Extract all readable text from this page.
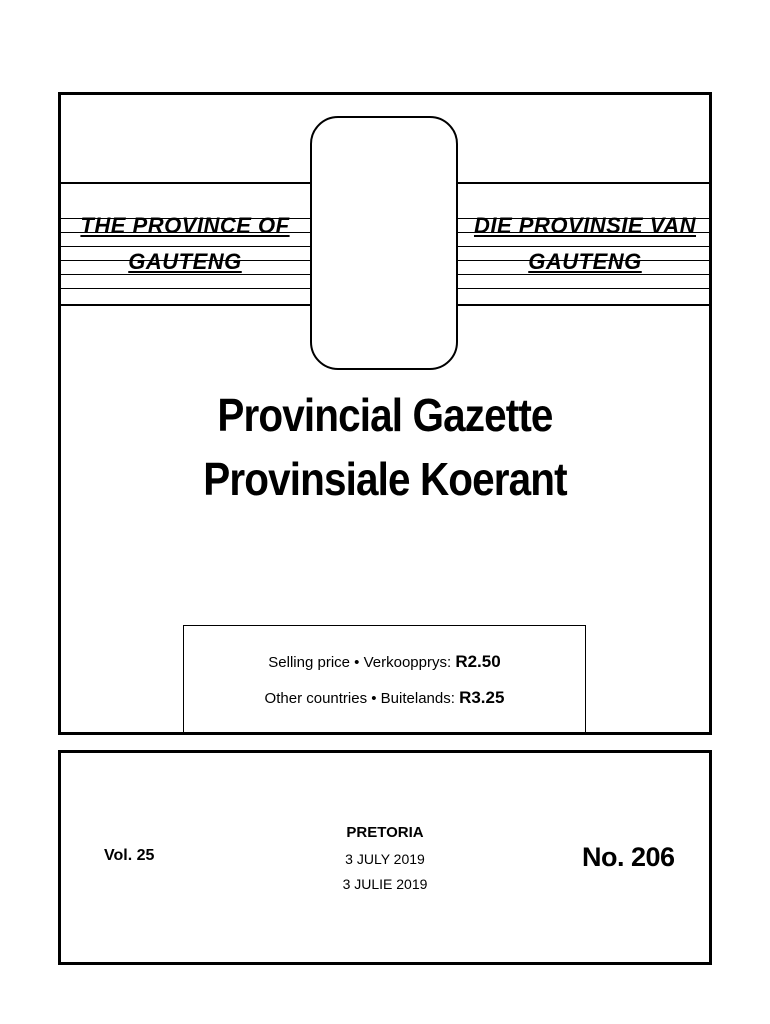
THE PROVINCE OF
GAUTENG
DIE PROVINSIE VAN
GAUTENG
Provincial Gazette
Provinsiale Koerant
Selling price • Verkoopprys: R2.50
Other countries • Buitelands: R3.25
Vol. 25
PRETORIA
3 JULY 2019
3 JULIE 2019
No. 206
